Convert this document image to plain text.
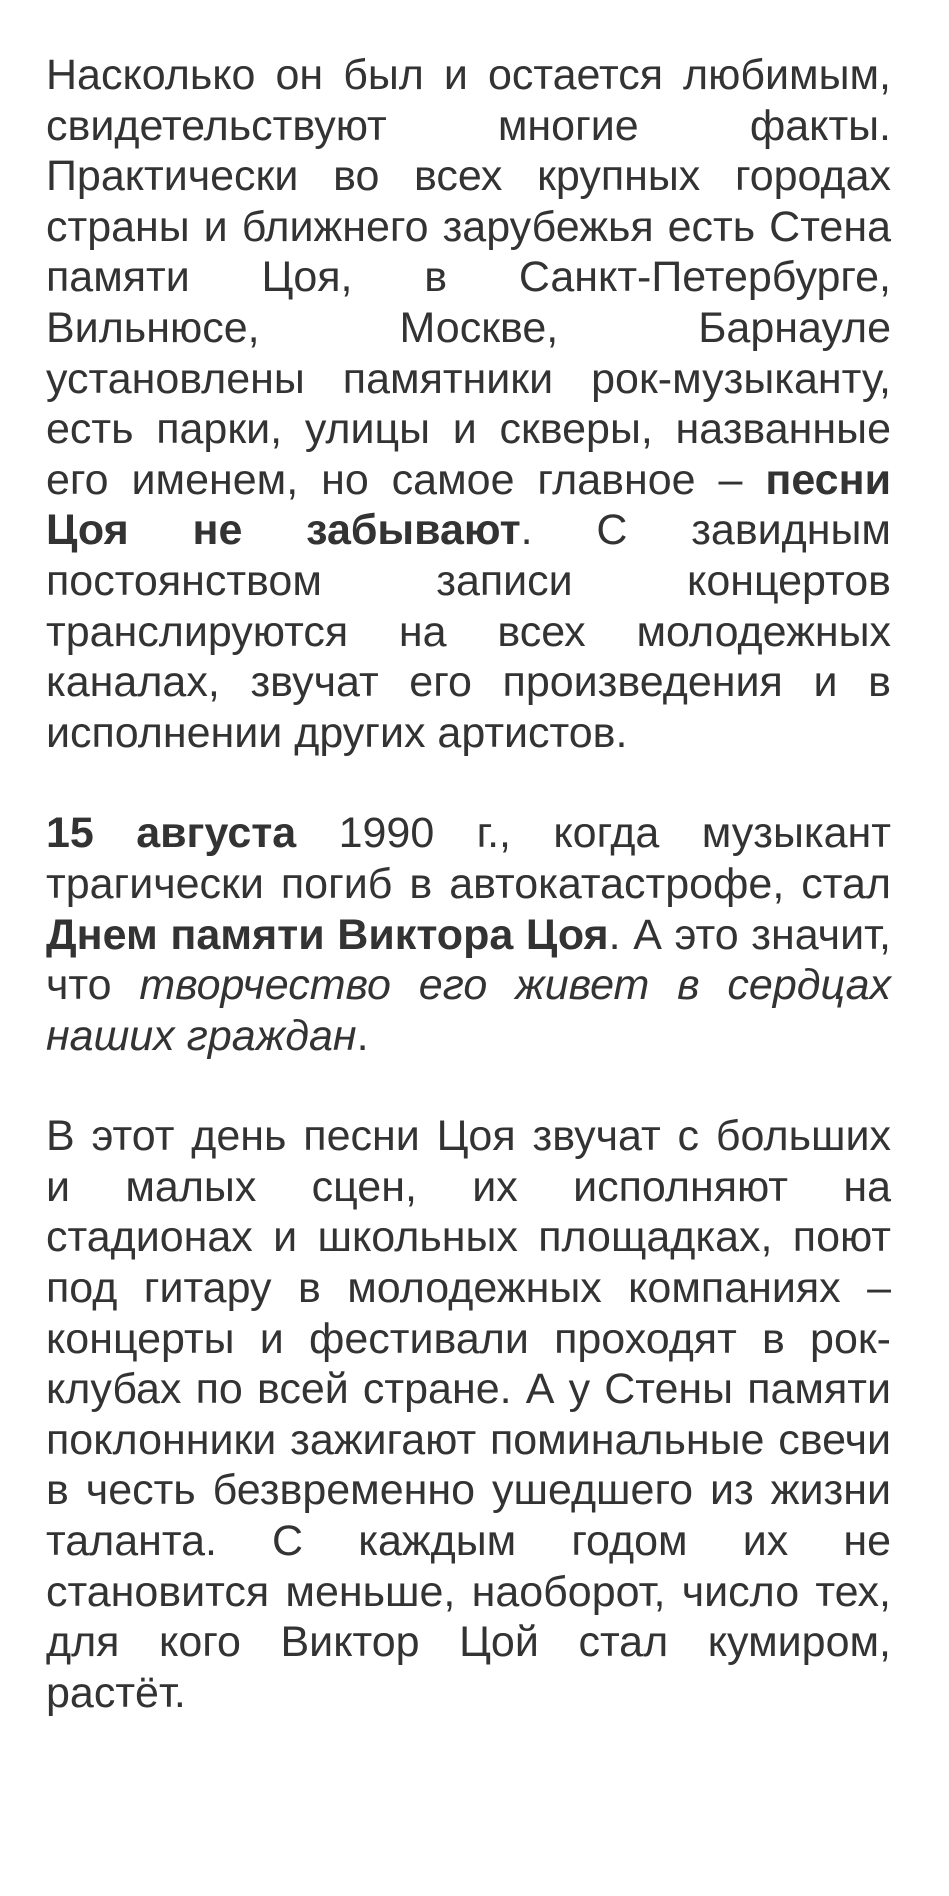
Насколько он был и остается любимым, свидетельствуют многие факты. Практически во всех крупных городах страны и ближнего зарубежья есть Стена памяти Цоя, в Санкт-Петербурге, Вильнюсе, Москве, Барнауле установлены памятники рок-музыканту, есть парки, улицы и скверы, названные его именем, но самое главное – песни Цоя не забывают. С завидным постоянством записи концертов транслируются на всех молодежных каналах, звучат его произведения и в исполнении других артистов.

15 августа 1990 г., когда музыкант трагически погиб в автокатастрофе, стал Днем памяти Виктора Цоя. А это значит, что творчество его живет в сердцах наших граждан.

В этот день песни Цоя звучат с больших и малых сцен, их исполняют на стадионах и школьных площадках, поют под гитару в молодежных компаниях – концерты и фестивали проходят в рок-клубах по всей стране. А у Стены памяти поклонники зажигают поминальные свечи в честь безвременно ушедшего из жизни таланта. С каждым годом их не становится меньше, наоборот, число тех, для кого Виктор Цой стал кумиром, растёт.
